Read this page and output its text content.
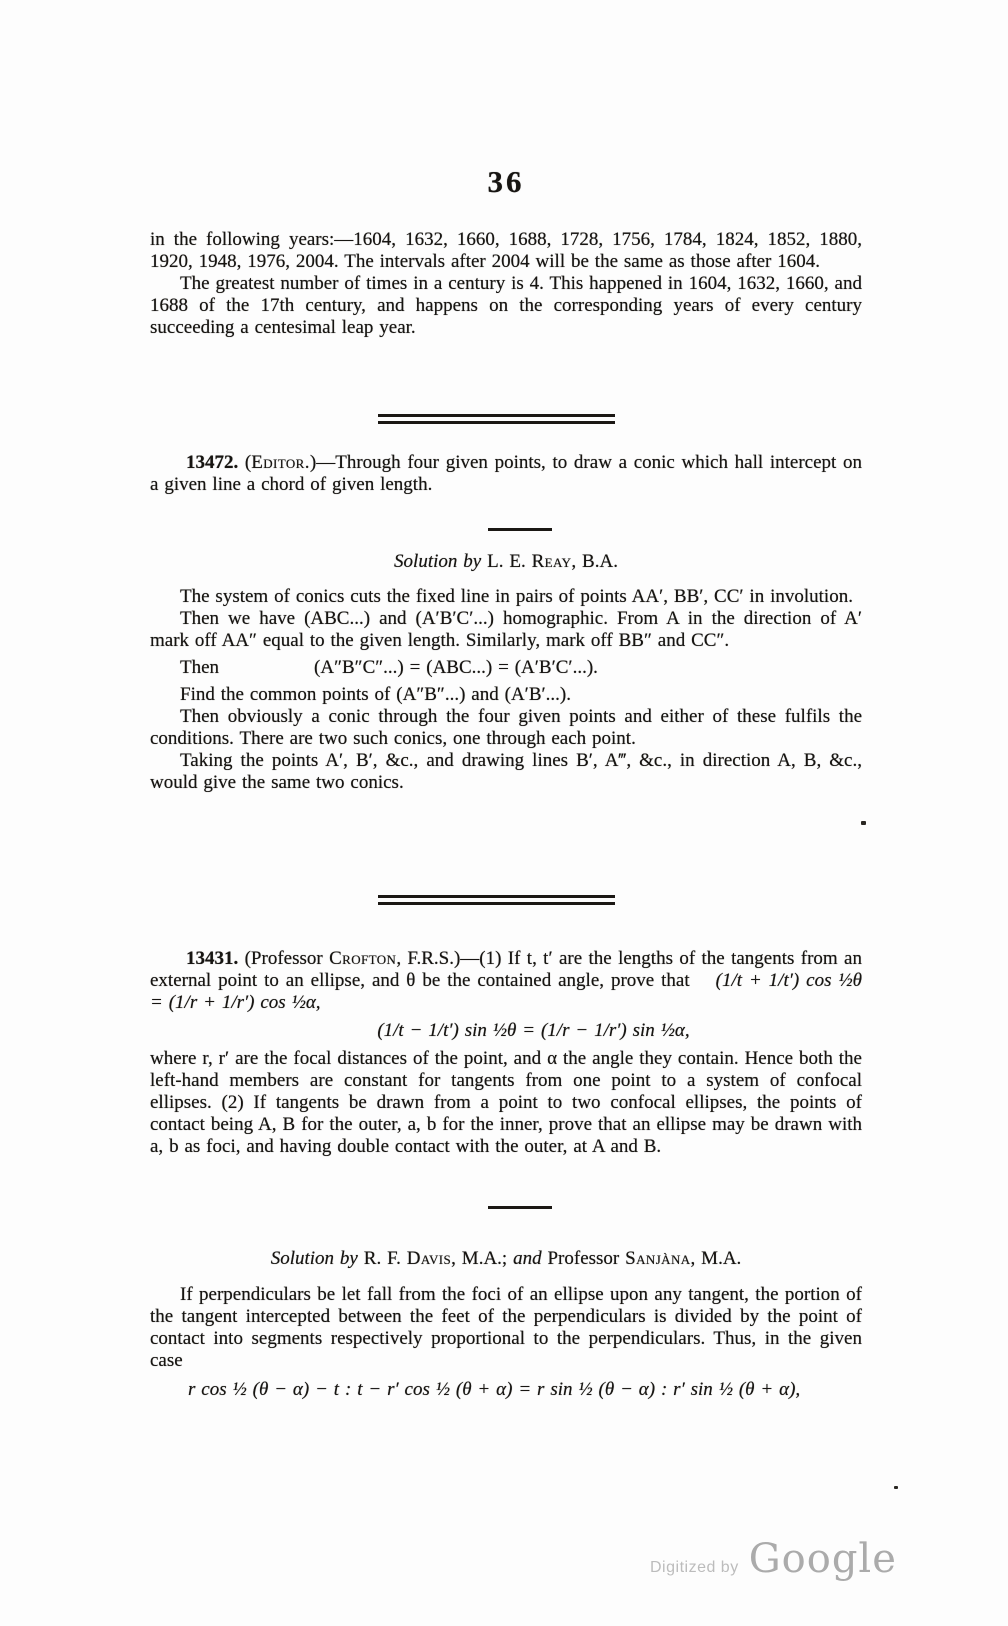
36

in the following years:—1604, 1632, 1660, 1688, 1728, 1756, 1784, 1824, 1852, 1880, 1920, 1948, 1976, 2004. The intervals after 2004 will be the same as those after 1604.

The greatest number of times in a century is 4. This happened in 1604, 1632, 1660, and 1688 of the 17th century, and happens on the corresponding years of every century succeeding a centesimal leap year.

13472. (Editor.)—Through four given points, to draw a conic which hall intercept on a given line a chord of given length.

Solution by L. E. Reay, B.A.

The system of conics cuts the fixed line in pairs of points AA′, BB′, CC′ in involution.

Then we have (ABC...) and (A′B′C′...) homographic. From A in the direction of A′ mark off AA″ equal to the given length. Similarly, mark off BB″ and CC″.

Then	(A″B″C″...) = (ABC...) = (A′B′C′...).

Find the common points of (A″B″...) and (A′B′...).

Then obviously a conic through the four given points and either of these fulfils the conditions. There are two such conics, one through each point.

Taking the points A′, B′, &c., and drawing lines B′, A‴, &c., in direction A, B, &c., would give the same two conics.

13431. (Professor Crofton, F.R.S.)—(1) If t, t′ are the lengths of the tangents from an external point to an ellipse, and θ be the contained angle, prove that (1/t + 1/t′) cos ½θ = (1/r + 1/r′) cos ½α,

(1/t − 1/t′) sin ½θ = (1/r − 1/r′) sin ½α,

where r, r′ are the focal distances of the point, and α the angle they contain. Hence both the left-hand members are constant for tangents from one point to a system of confocal ellipses. (2) If tangents be drawn from a point to two confocal ellipses, the points of contact being A, B for the outer, a, b for the inner, prove that an ellipse may be drawn with a, b as foci, and having double contact with the outer, at A and B.

Solution by R. F. Davis, M.A.; and Professor Sanjàna, M.A.

If perpendiculars be let fall from the foci of an ellipse upon any tangent, the portion of the tangent intercepted between the feet of the perpendiculars is divided by the point of contact into segments respectively proportional to the perpendiculars. Thus, in the given case

r cos ½ (θ − α) − t : t − r′ cos ½ (θ + α) = r sin ½ (θ − α) : r′ sin ½ (θ + α),
Digitized by Google
